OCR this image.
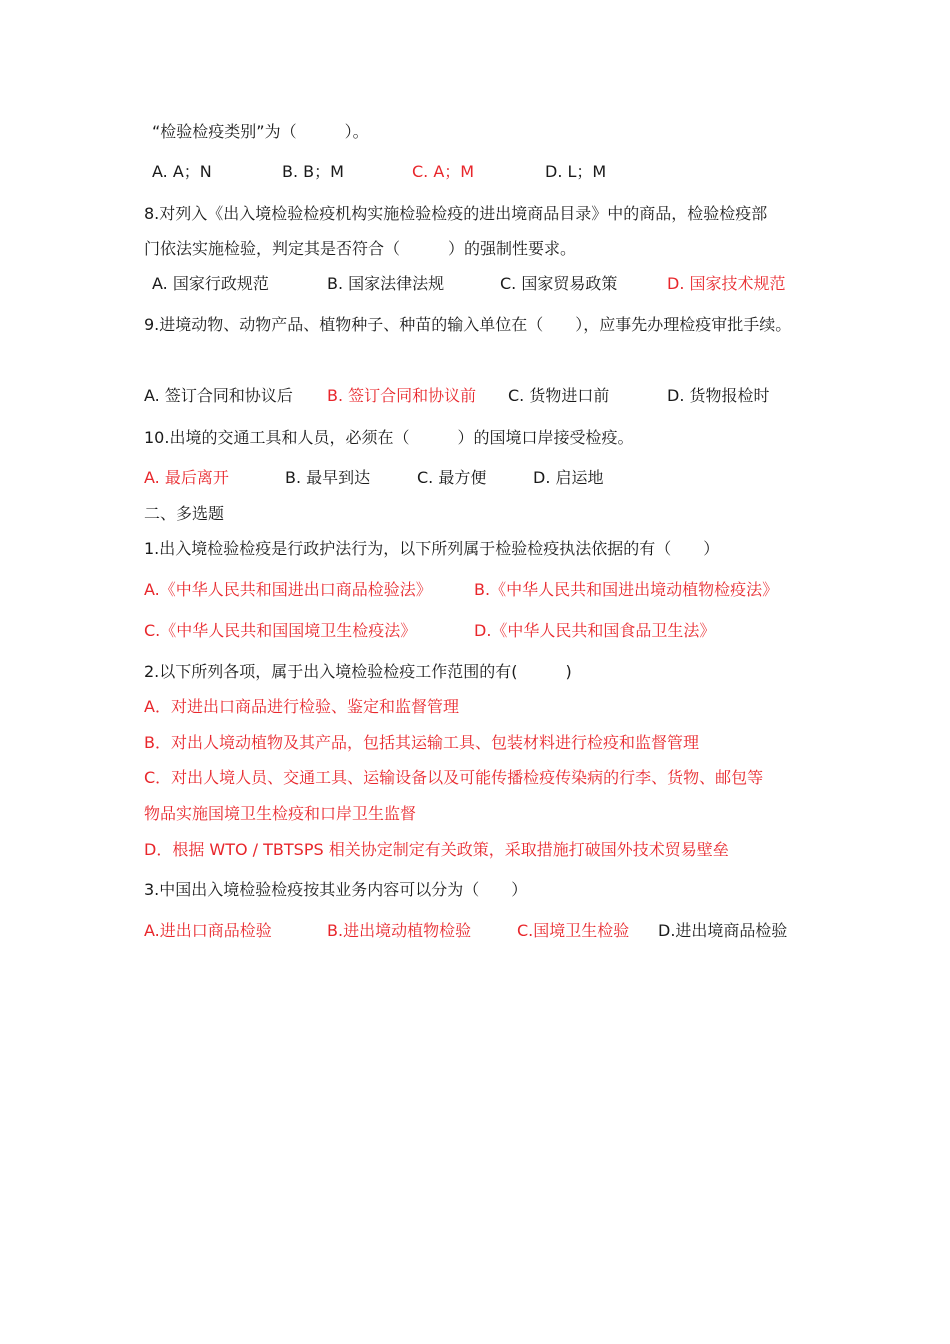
“检验检疫类别”为（　　　）。
A. A；N	B. B；M	C. A；M	D. L；M
8.对列入《出入境检验检疫机构实施检验检疫的进出境商品目录》中的商品，检验检疫部
门依法实施检验，判定其是否符合（　　　）的强制性要求。
A. 国家行政规范	B. 国家法律法规	C. 国家贸易政策	D. 国家技术规范
9.进境动物、动物产品、植物种子、种苗的输入单位在（　　），应事先办理检疫审批手续。
A. 签订合同和协议后 B. 签订合同和协议前 C. 货物进口前	D. 货物报检时
10.出境的交通工具和人员，必须在（　　　）的国境口岸接受检疫。
A. 最后离开	B. 最早到达	C. 最方便	D. 启运地
二、多选题
1.出入境检验检疫是行政护法行为，以下所列属于检验检疫执法依据的有（　　）
A.《中华人民共和国进出口商品检验法》	B.《中华人民共和国进出境动植物检疫法》
C.《中华人民共和国国境卫生检疫法》	D.《中华人民共和国食品卫生法》
2.以下所列各项，属于出入境检验检疫工作范围的有(　　　)
A．对进出口商品进行检验、鉴定和监督管理
B．对出人境动植物及其产品，包括其运输工具、包装材料进行检疫和监督管理
C．对出人境人员、交通工具、运输设备以及可能传播检疫传染病的行李、货物、邮包等
物品实施国境卫生检疫和口岸卫生监督
D．根据 WTO / TBTSPS 相关协定制定有关政策，采取措施打破国外技术贸易壁垒
3.中国出入境检验检疫按其业务内容可以分为（　　）
A.进出口商品检验	B.进出境动植物检验	C.国境卫生检验 D.进出境商品检验
